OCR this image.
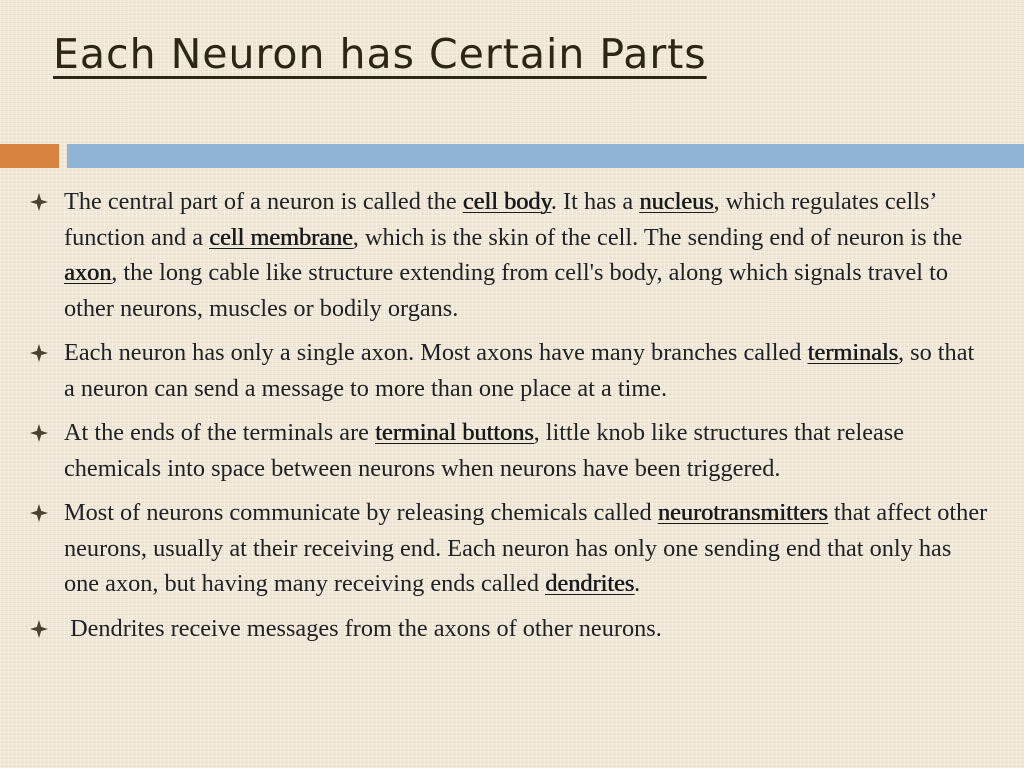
Each Neuron has Certain Parts
The central part of a neuron is called the cell body. It has a nucleus, which regulates cells’ function and a cell membrane, which is the skin of the cell. The sending end of neuron is the axon, the long cable like structure extending from cell's body, along which signals travel to other neurons, muscles or bodily organs.
Each neuron has only a single axon. Most axons have many branches called terminals, so that a neuron can send a message to more than one place at a time.
At the ends of the terminals are terminal buttons, little knob like structures that release chemicals into space between neurons when neurons have been triggered.
Most of neurons communicate by releasing chemicals called neurotransmitters that affect other neurons, usually at their receiving end. Each neuron has only one sending end that only has one axon, but having many receiving ends called dendrites.
Dendrites receive messages from the axons of other neurons.
